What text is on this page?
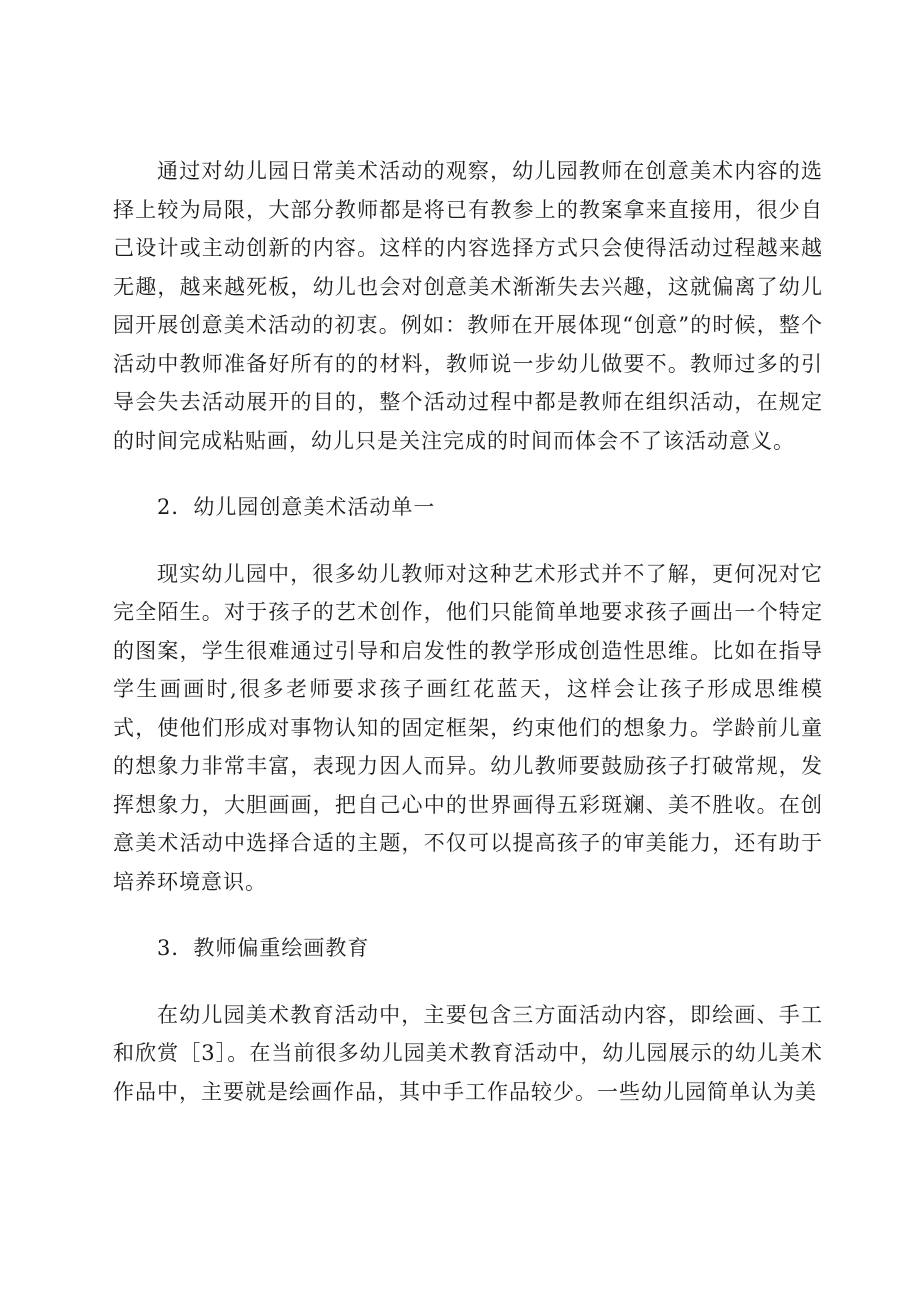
通过对幼儿园日常美术活动的观察，幼儿园教师在创意美术内容的选择上较为局限，大部分教师都是将已有教参上的教案拿来直接用，很少自己设计或主动创新的内容。这样的内容选择方式只会使得活动过程越来越无趣，越来越死板，幼儿也会对创意美术渐渐失去兴趣，这就偏离了幼儿园开展创意美术活动的初衷。例如：教师在开展体现“创意”的时候，整个活动中教师准备好所有的的材料，教师说一步幼儿做要不。教师过多的引导会失去活动展开的目的，整个活动过程中都是教师在组织活动，在规定的时间完成粘贴画，幼儿只是关注完成的时间而体会不了该活动意义。

2．幼儿园创意美术活动单一

现实幼儿园中，很多幼儿教师对这种艺术形式并不了解，更何况对它完全陌生。对于孩子的艺术创作，他们只能简单地要求孩子画出一个特定的图案，学生很难通过引导和启发性的教学形成创造性思维。比如在指导学生画画时,很多老师要求孩子画红花蓝天，这样会让孩子形成思维模式，使他们形成对事物认知的固定框架，约束他们的想象力。学龄前儿童的想象力非常丰富，表现力因人而异。幼儿教师要鼓励孩子打破常规，发挥想象力，大胆画画，把自己心中的世界画得五彩斑斓、美不胜收。在创意美术活动中选择合适的主题，不仅可以提高孩子的审美能力，还有助于培养环境意识。

3．教师偏重绘画教育

在幼儿园美术教育活动中，主要包含三方面活动内容，即绘画、手工和欣赏［3］。在当前很多幼儿园美术教育活动中，幼儿园展示的幼儿美术作品中，主要就是绘画作品，其中手工作品较少。一些幼儿园简单认为美
